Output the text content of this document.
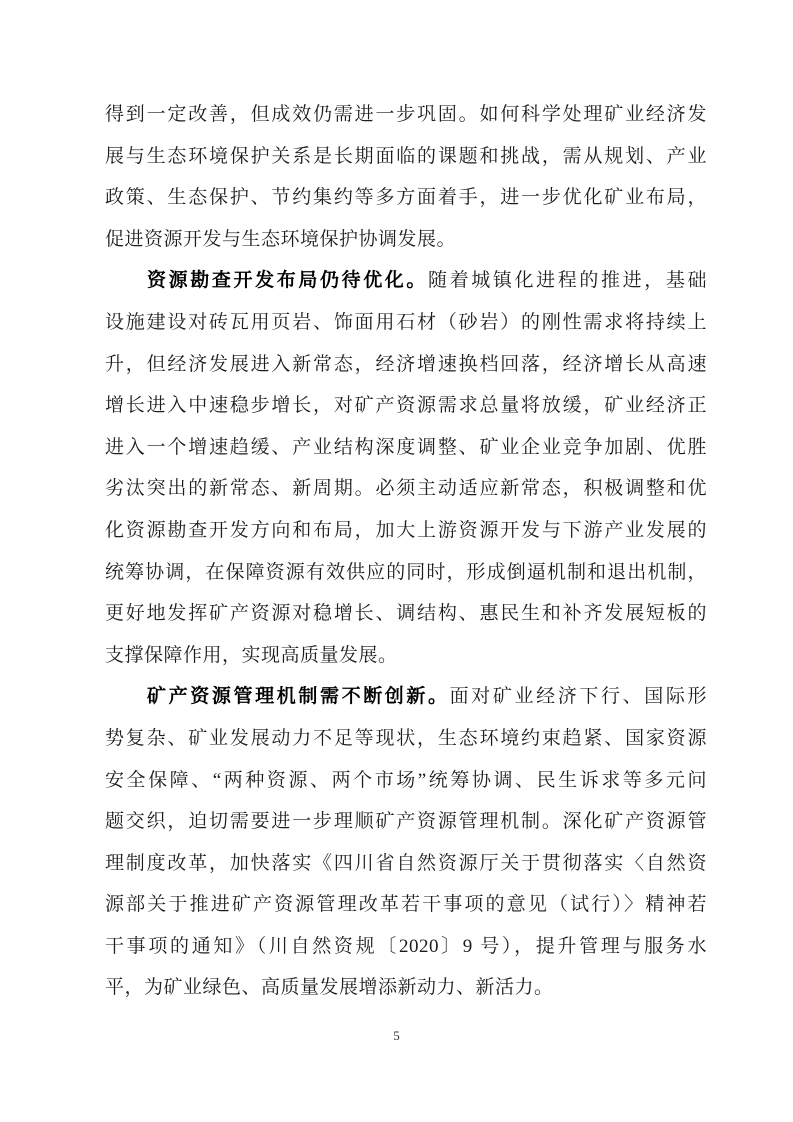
得到一定改善，但成效仍需进一步巩固。如何科学处理矿业经济发
展与生态环境保护关系是长期面临的课题和挑战，需从规划、产业
政策、生态保护、节约集约等多方面着手，进一步优化矿业布局，
促进资源开发与生态环境保护协调发展。
资源勘查开发布局仍待优化。随着城镇化进程的推进，基础
设施建设对砖瓦用页岩、饰面用石材（砂岩）的刚性需求将持续上
升，但经济发展进入新常态，经济增速换档回落，经济增长从高速
增长进入中速稳步增长，对矿产资源需求总量将放缓，矿业经济正
进入一个增速趋缓、产业结构深度调整、矿业企业竞争加剧、优胜
劣汰突出的新常态、新周期。必须主动适应新常态，积极调整和优
化资源勘查开发方向和布局，加大上游资源开发与下游产业发展的
统筹协调，在保障资源有效供应的同时，形成倒逼机制和退出机制，
更好地发挥矿产资源对稳增长、调结构、惠民生和补齐发展短板的
支撑保障作用，实现高质量发展。
矿产资源管理机制需不断创新。面对矿业经济下行、国际形
势复杂、矿业发展动力不足等现状，生态环境约束趋紧、国家资源
安全保障、“两种资源、两个市场”统筹协调、民生诉求等多元问
题交织，迫切需要进一步理顺矿产资源管理机制。深化矿产资源管
理制度改革，加快落实《四川省自然资源厅关于贯彻落实〈自然资
源部关于推进矿产资源管理改革若干事项的意见（试行）〉精神若
干事项的通知》（川自然资规〔2020〕9 号），提升管理与服务水
平，为矿业绿色、高质量发展增添新动力、新活力。
5
